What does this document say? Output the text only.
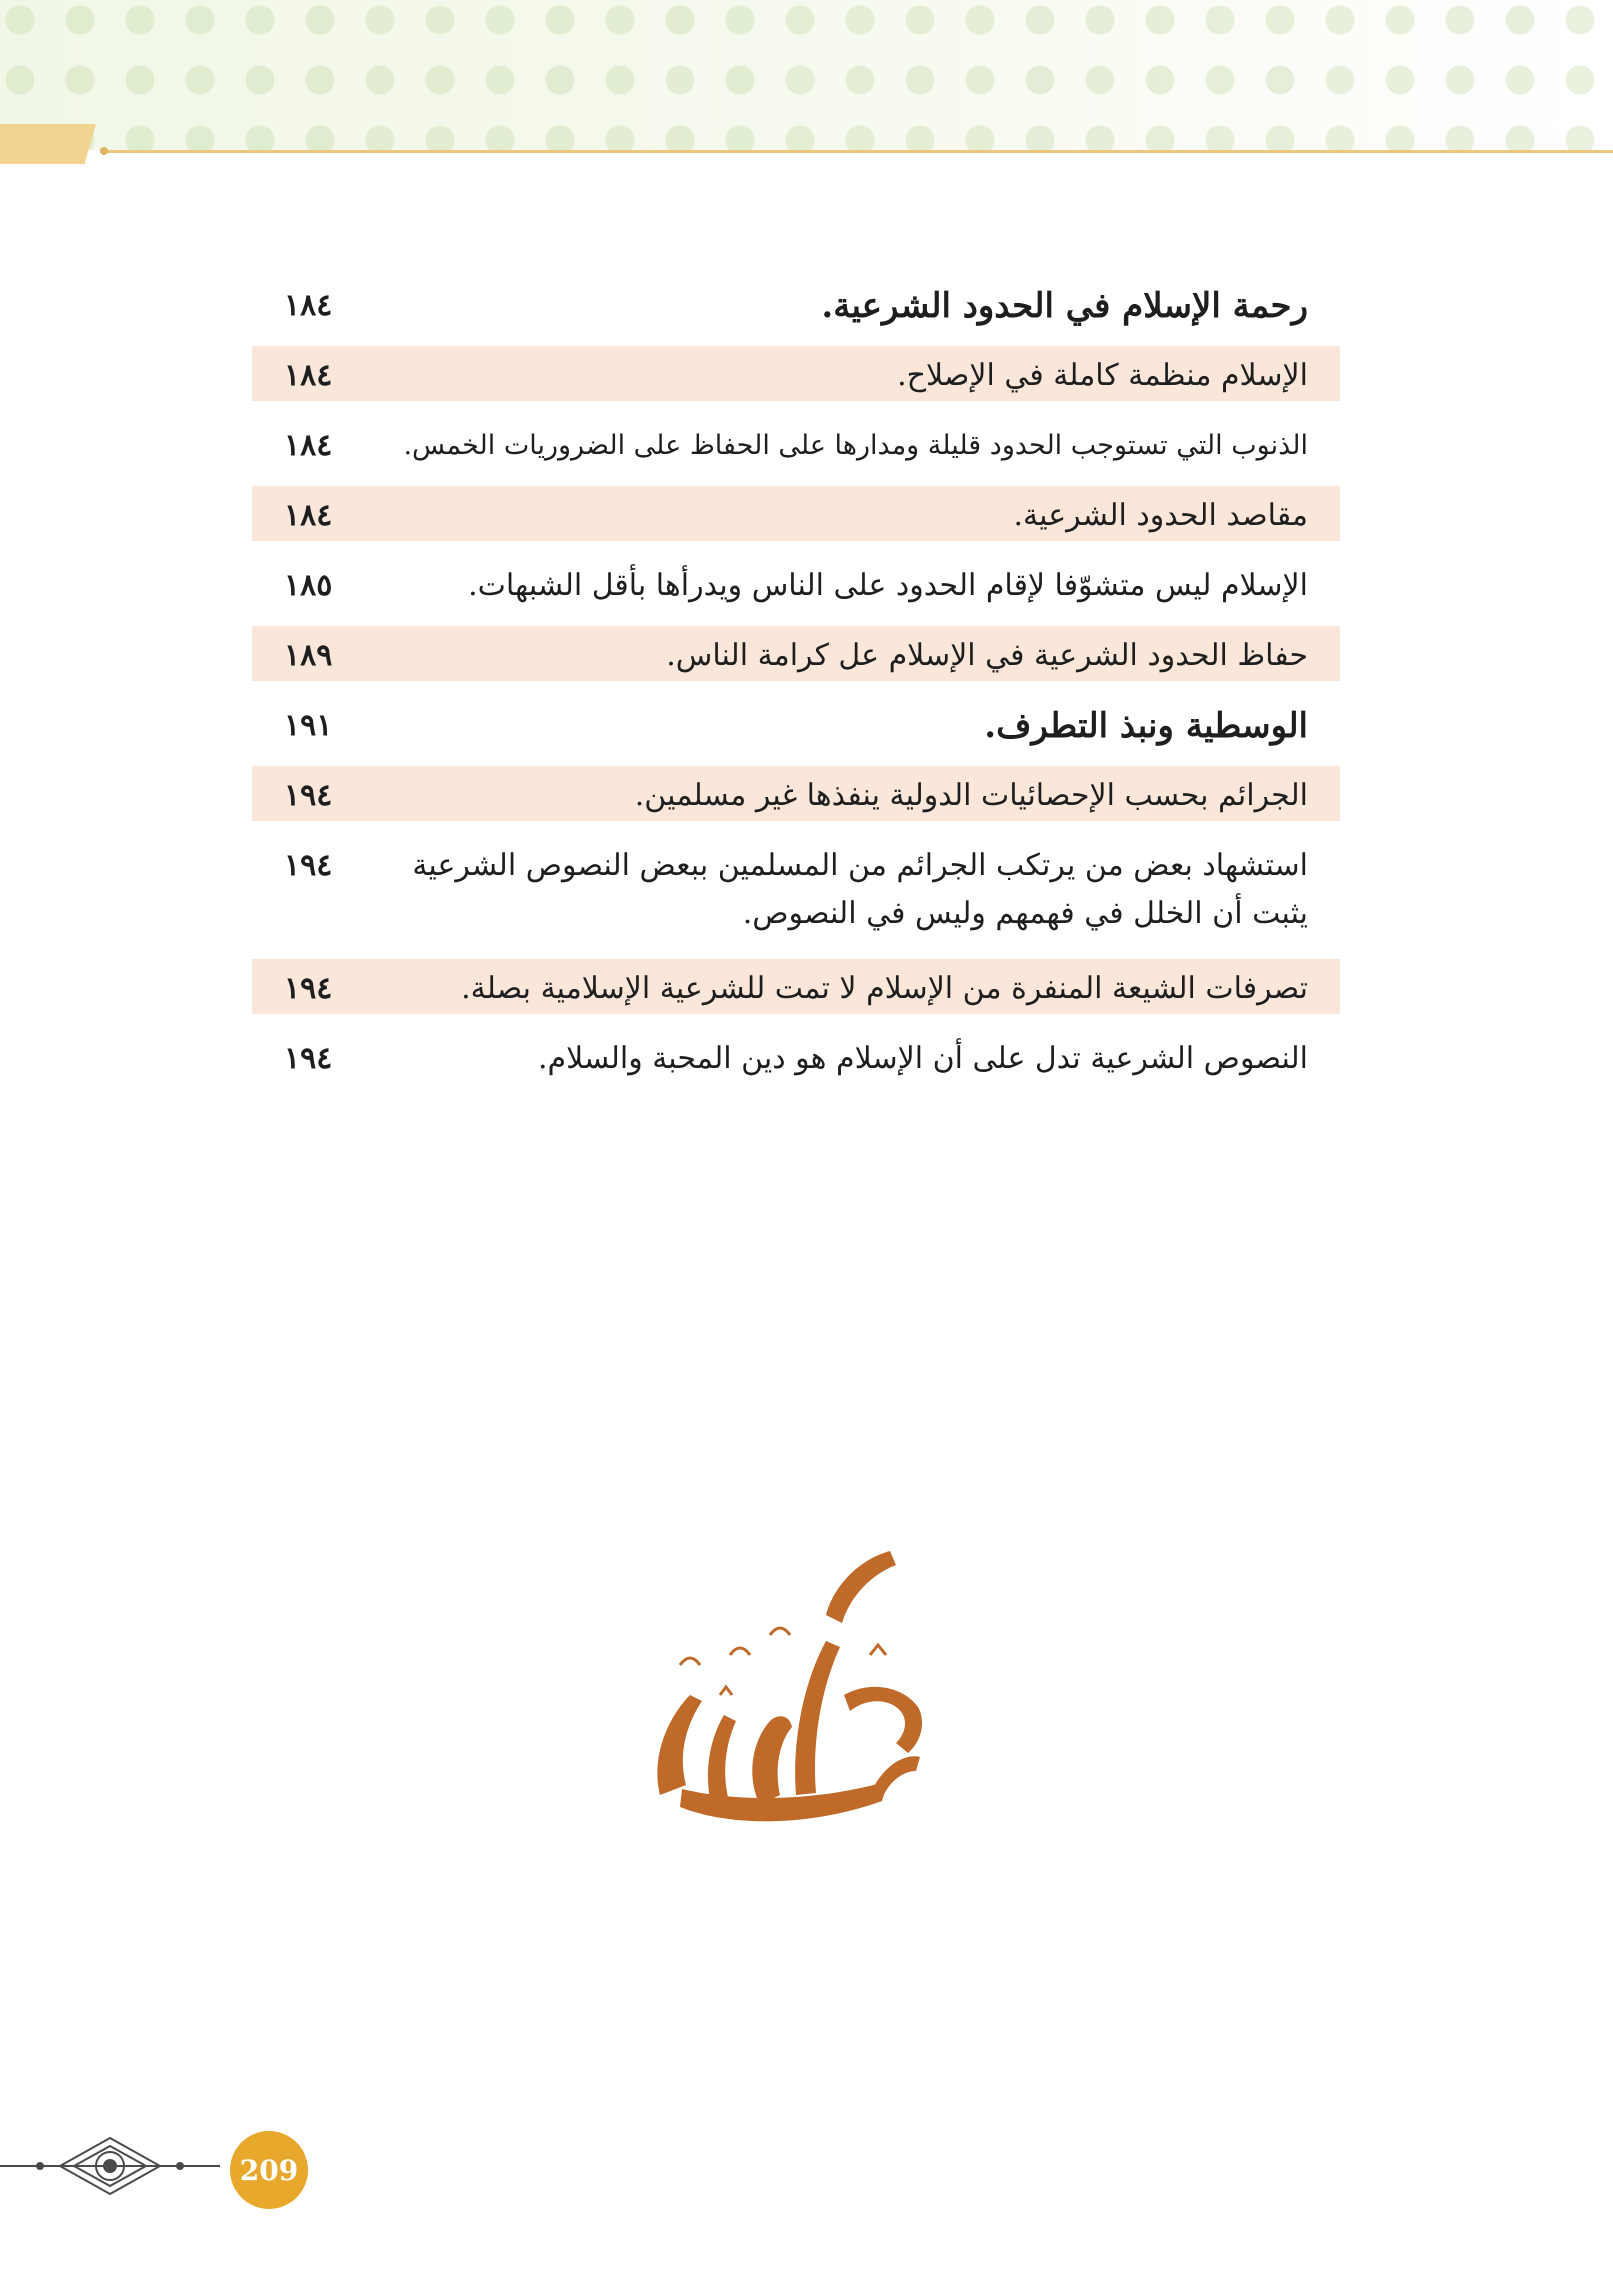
رحمة الإسلام في الحدود الشرعية.
١٨٤
الإسلام منظمة كاملة في الإصلاح.
١٨٤
الذنوب التي تستوجب الحدود قليلة ومدارها على الحفاظ على الضروريات الخمس.
١٨٤
مقاصد الحدود الشرعية.
١٨٤
الإسلام ليس متشوّفا لإقام الحدود على الناس ويدرأها بأقل الشبهات.
١٨٥
حفاظ الحدود الشرعية في الإسلام عل كرامة الناس.
١٨٩
الوسطية ونبذ التطرف.
١٩١
الجرائم بحسب الإحصائيات الدولية ينفذها غير مسلمين.
١٩٤
استشهاد بعض من يرتكب الجرائم من المسلمين ببعض النصوص الشرعية يثبت أن الخلل في فهمهم وليس في النصوص.
١٩٤
تصرفات الشيعة المنفرة من الإسلام لا تمت للشرعية الإسلامية بصلة.
١٩٤
النصوص الشرعية تدل على أن الإسلام هو دين المحبة والسلام.
١٩٤
209
